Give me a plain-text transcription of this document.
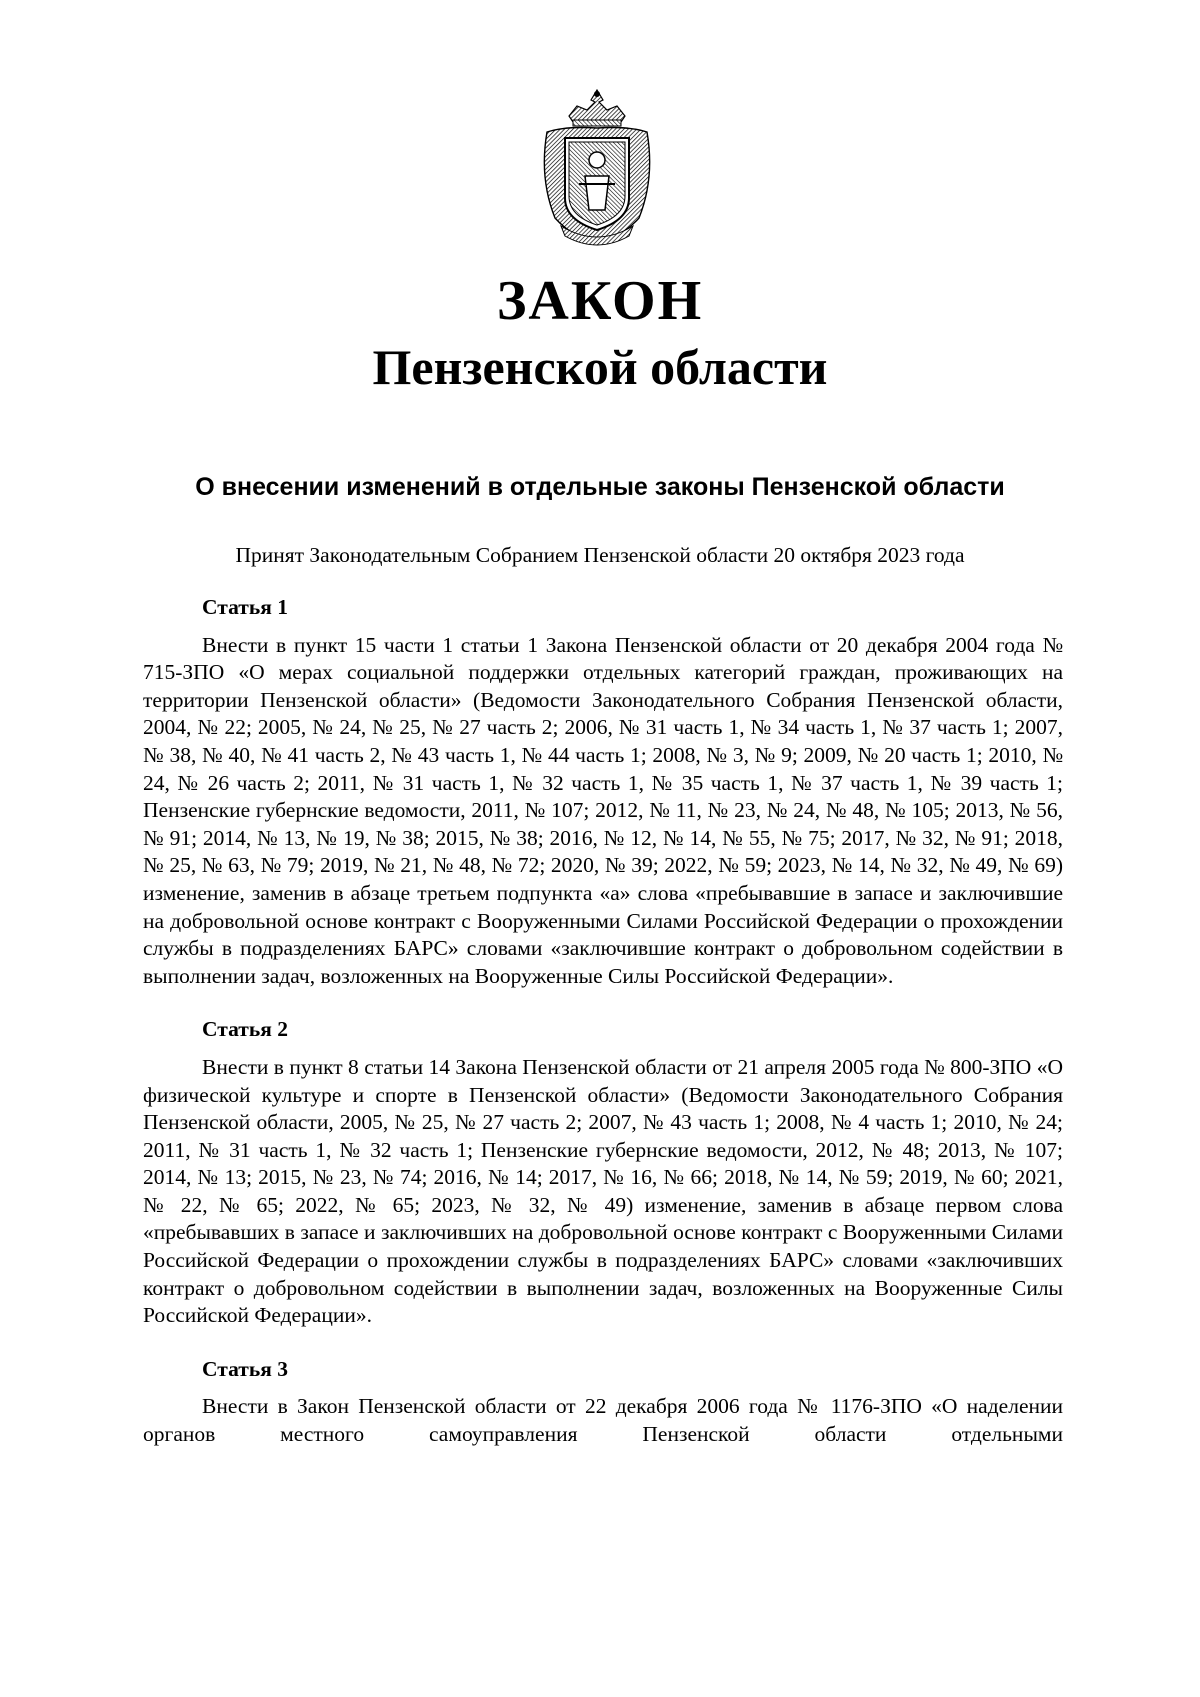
ЗАКОН
Пензенской области
О внесении изменений в отдельные законы Пензенской области
Принят Законодательным Собранием Пензенской области 20 октября 2023 года
Статья 1

Внести в пункт 15 части 1 статьи 1 Закона Пензенской области от 20 декабря 2004 года № 715-ЗПО «О мерах социальной поддержки отдельных категорий граждан, проживающих на территории Пензенской области» (Ведомости Законодательного Собрания Пензенской области, 2004, № 22; 2005, № 24, № 25, № 27 часть 2; 2006, № 31 часть 1, № 34 часть 1, № 37 часть 1; 2007, № 38, № 40, № 41 часть 2, № 43 часть 1, № 44 часть 1; 2008, № 3, № 9; 2009, № 20 часть 1; 2010, № 24, № 26 часть 2; 2011, № 31 часть 1, № 32 часть 1, № 35 часть 1, № 37 часть 1, № 39 часть 1; Пензенские губернские ведомости, 2011, № 107; 2012, № 11, № 23, № 24, № 48, № 105; 2013, № 56, № 91; 2014, № 13, № 19, № 38; 2015, № 38; 2016, № 12, № 14, № 55, № 75; 2017, № 32, № 91; 2018, № 25, № 63, № 79; 2019, № 21, № 48, № 72; 2020, № 39; 2022, № 59; 2023, № 14, № 32, № 49, № 69) изменение, заменив в абзаце третьем подпункта «а» слова «пребывавшие в запасе и заключившие на добровольной основе контракт с Вооруженными Силами Российской Федерации о прохождении службы в подразделениях БАРС» словами «заключившие контракт о добровольном содействии в выполнении задач, возложенных на Вооруженные Силы Российской Федерации».

Статья 2

Внести в пункт 8 статьи 14 Закона Пензенской области от 21 апреля 2005 года № 800-ЗПО «О физической культуре и спорте в Пензенской области» (Ведомости Законодательного Собрания Пензенской области, 2005, № 25, № 27 часть 2; 2007, № 43 часть 1; 2008, № 4 часть 1; 2010, № 24; 2011, № 31 часть 1, № 32 часть 1; Пензенские губернские ведомости, 2012, № 48; 2013, № 107; 2014, № 13; 2015, № 23, № 74; 2016, № 14; 2017, № 16, № 66; 2018, № 14, № 59; 2019, № 60; 2021, № 22, № 65; 2022, № 65; 2023, № 32, № 49) изменение, заменив в абзаце первом слова «пребывавших в запасе и заключивших на добровольной основе контракт с Вооруженными Силами Российской Федерации о прохождении службы в подразделениях БАРС» словами «заключивших контракт о добровольном содействии в выполнении задач, возложенных на Вооруженные Силы Российской Федерации».

Статья 3

Внести в Закон Пензенской области от 22 декабря 2006 года № 1176-ЗПО «О наделении органов местного самоуправления Пензенской области отдельными
